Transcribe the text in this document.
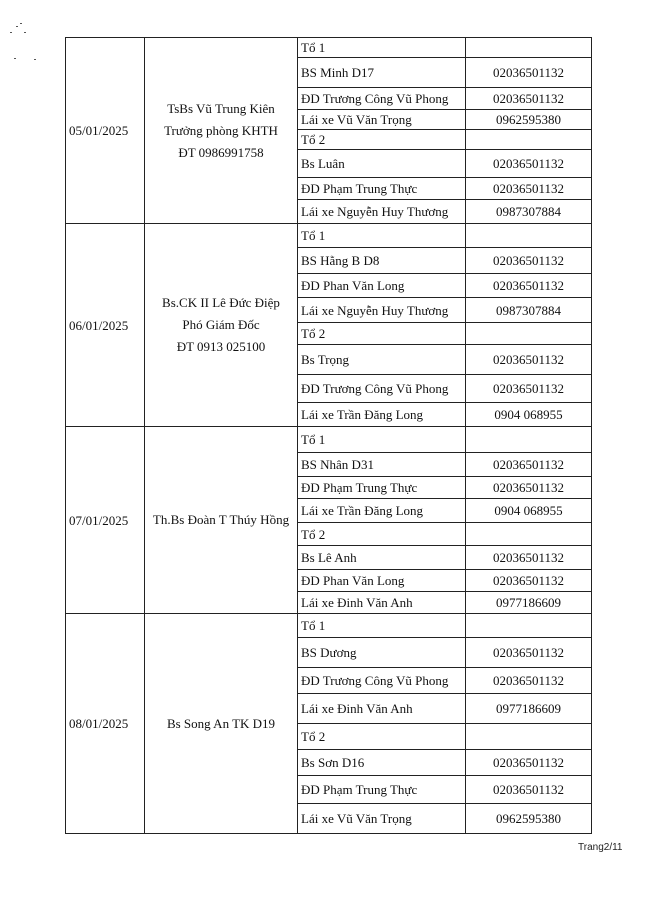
05/01/2025	TsBs Vũ Trung Kiên
Trưởng phòng KHTH
ĐT 0986991758	Tổ 1	
		BS Minh D17	02036501132
		ĐD Trương Công Vũ Phong	02036501132
		Lái xe Vũ Văn Trọng	0962595380
		Tổ 2	
		Bs Luân	02036501132
		ĐD Phạm Trung Thực	02036501132
		Lái xe Nguyễn Huy Thương	0987307884
06/01/2025	Bs.CK II Lê Đức Điệp
Phó Giám Đốc
ĐT 0913 025100	Tổ 1	
		BS Hằng B D8	02036501132
		ĐD Phan Văn Long	02036501132
		Lái xe Nguyễn Huy Thương	0987307884
		Tổ 2	
		Bs Trọng	02036501132
		ĐD Trương Công Vũ Phong	02036501132
		Lái xe Trần Đăng Long	0904 068955
07/01/2025	Th.Bs Đoàn T Thúy Hồng	Tổ 1	
		BS Nhân D31	02036501132
		ĐD Phạm Trung Thực	02036501132
		Lái xe Trần Đăng Long	0904 068955
		Tổ 2	
		Bs Lê Anh	02036501132
		ĐD Phan Văn Long	02036501132
		Lái xe Đinh Văn Anh	0977186609
08/01/2025	Bs Song An TK D19	Tổ 1	
		BS Dương	02036501132
		ĐD Trương Công Vũ Phong	02036501132
		Lái xe Đinh Văn Anh	0977186609
		Tổ 2	
		Bs Sơn D16	02036501132
		ĐD Phạm Trung Thực	02036501132
		Lái xe Vũ Văn Trọng	0962595380
Trang2/11
